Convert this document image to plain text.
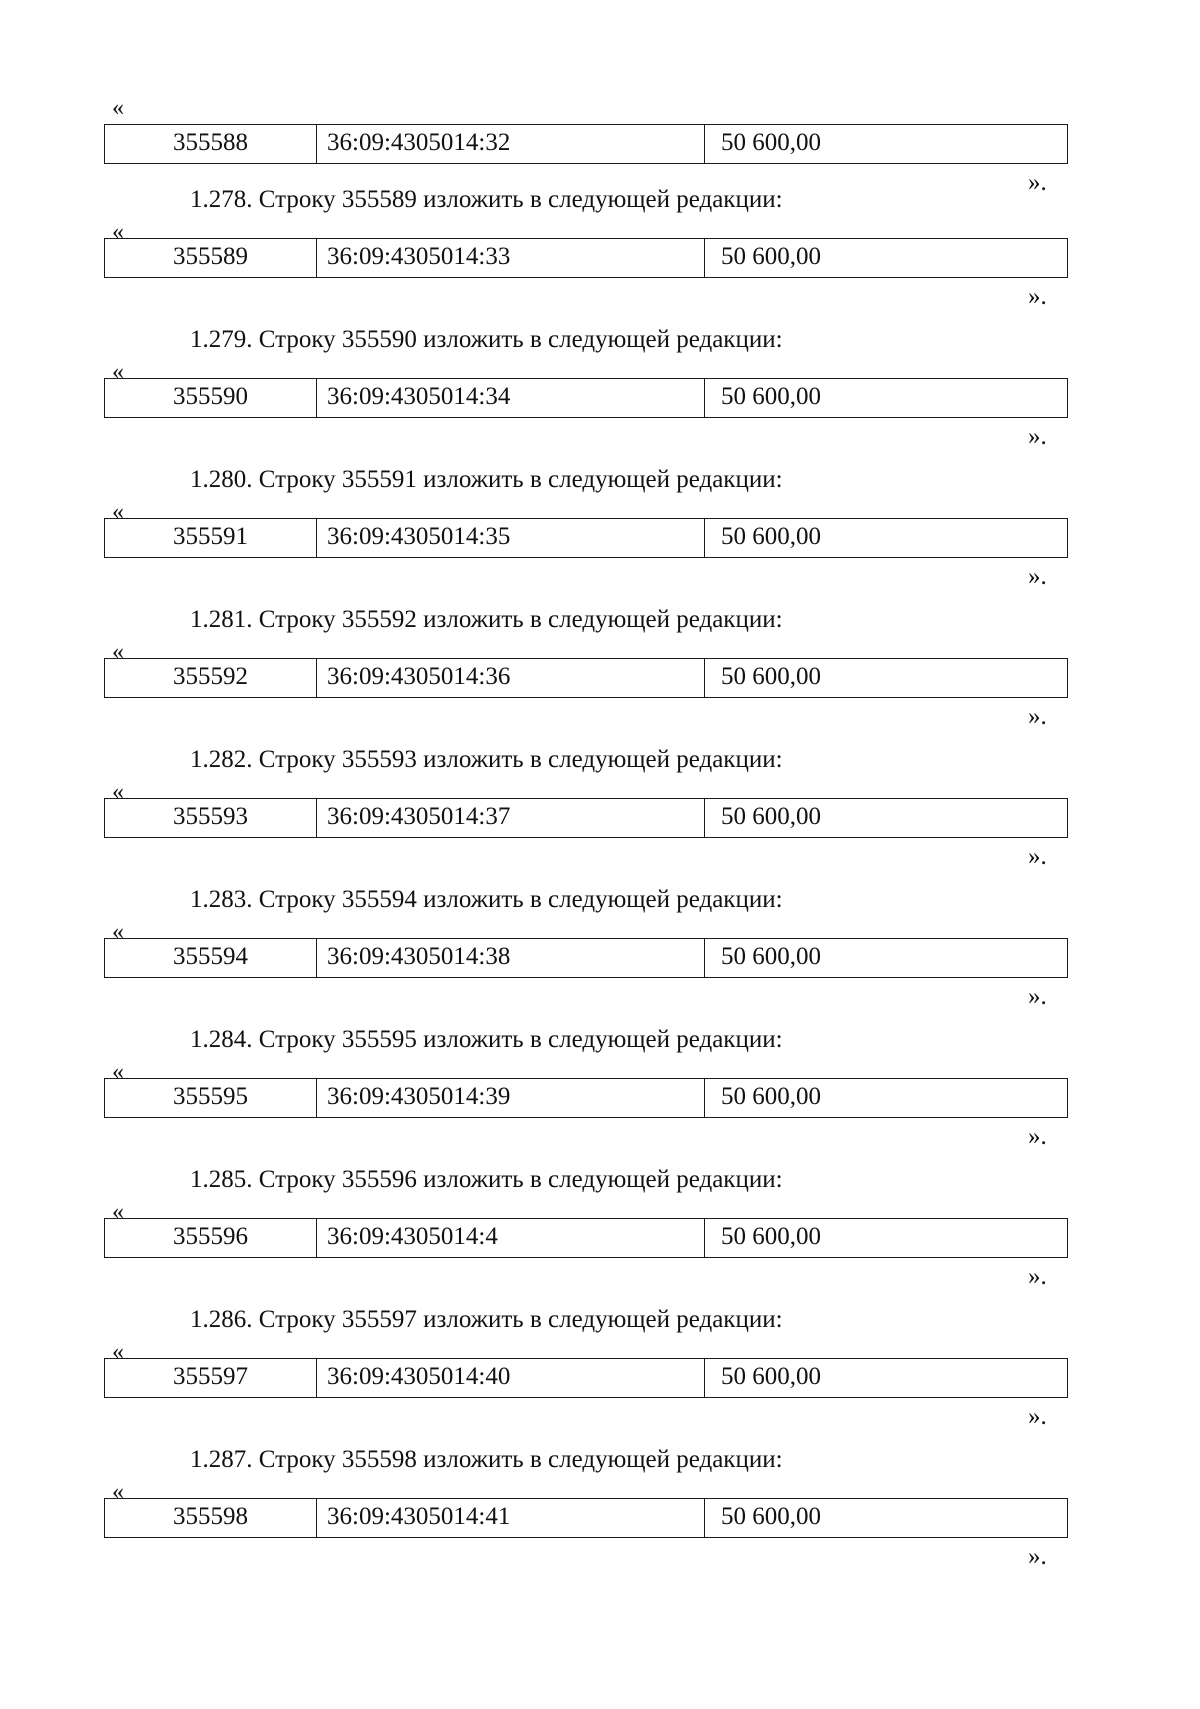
«
355588	36:09:4305014:32	50 600,00
».
1.278. Строку 355589 изложить в следующей редакции:
«
355589	36:09:4305014:33	50 600,00
».
1.279. Строку 355590 изложить в следующей редакции:
«
355590	36:09:4305014:34	50 600,00
».
1.280. Строку 355591 изложить в следующей редакции:
«
355591	36:09:4305014:35	50 600,00
».
1.281. Строку 355592 изложить в следующей редакции:
«
355592	36:09:4305014:36	50 600,00
».
1.282. Строку 355593 изложить в следующей редакции:
«
355593	36:09:4305014:37	50 600,00
».
1.283. Строку 355594 изложить в следующей редакции:
«
355594	36:09:4305014:38	50 600,00
».
1.284. Строку 355595 изложить в следующей редакции:
«
355595	36:09:4305014:39	50 600,00
».
1.285. Строку 355596 изложить в следующей редакции:
«
355596	36:09:4305014:4	50 600,00
».
1.286. Строку 355597 изложить в следующей редакции:
«
355597	36:09:4305014:40	50 600,00
».
1.287. Строку 355598 изложить в следующей редакции:
«
355598	36:09:4305014:41	50 600,00
».
